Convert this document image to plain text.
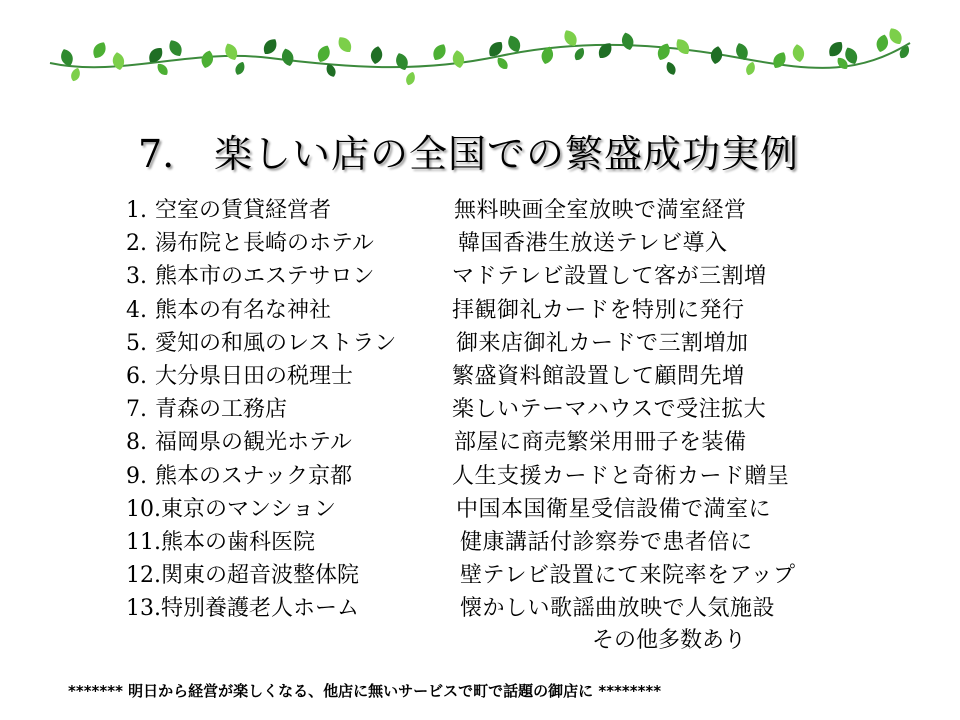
7. 楽しい店の全国での繁盛成功実例
1. 空室の賃貸経営者	無料映画全室放映で満室経営
2. 湯布院と長崎のホテル	韓国香港生放送テレビ導入
3. 熊本市のエステサロン	マドテレビ設置して客が三割増
4. 熊本の有名な神社	拝観御礼カードを特別に発行
5. 愛知の和風のレストラン	御来店御礼カードで三割増加
6. 大分県日田の税理士	繁盛資料館設置して顧問先増
7. 青森の工務店	楽しいテーマハウスで受注拡大
8. 福岡県の観光ホテル	部屋に商売繁栄用冊子を装備
9. 熊本のスナック京都	人生支援カードと奇術カード贈呈
10.東京のマンション	中国本国衛星受信設備で満室に
11.熊本の歯科医院	健康講話付診察券で患者倍に
12.関東の超音波整体院	壁テレビ設置にて来院率をアップ
13.特別養護老人ホーム	懐かしい歌謡曲放映で人気施設
その他多数あり
******* 明日から経営が楽しくなる、他店に無いサービスで町で話題の御店に ********
